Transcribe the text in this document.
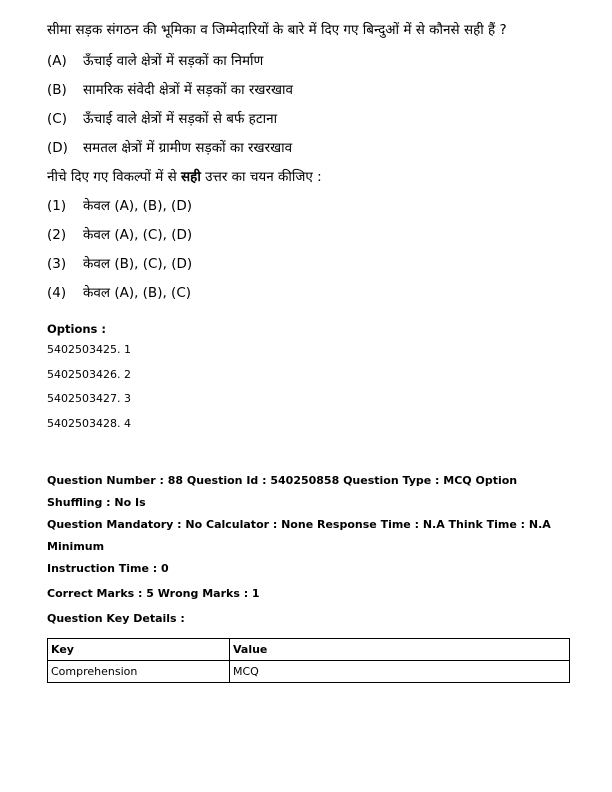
सीमा सड़क संगठन की भूमिका व जिम्मेदारियों के बारे में दिए गए बिन्दुओं में से कौनसे सही हैं ?
(A)	ऊँचाई वाले क्षेत्रों में सड़कों का निर्माण
(B)	सामरिक संवेदी क्षेत्रों में सड़कों का रखरखाव
(C)	ऊँचाई वाले क्षेत्रों में सड़कों से बर्फ हटाना
(D)	समतल क्षेत्रों में ग्रामीण सड़कों का रखरखाव
नीचे दिए गए विकल्पों में से सही उत्तर का चयन कीजिए :
(1)	केवल (A), (B), (D)
(2)	केवल (A), (C), (D)
(3)	केवल (B), (C), (D)
(4)	केवल (A), (B), (C)
Options :
5402503425. 1
5402503426. 2
5402503427. 3
5402503428. 4
Question Number : 88 Question Id : 540250858 Question Type : MCQ Option Shuffling : No Is
Question Mandatory : No Calculator : None Response Time : N.A Think Time : N.A Minimum
Instruction Time : 0
Correct Marks : 5 Wrong Marks : 1
Question Key Details :
Key	Value
Comprehension	MCQ
